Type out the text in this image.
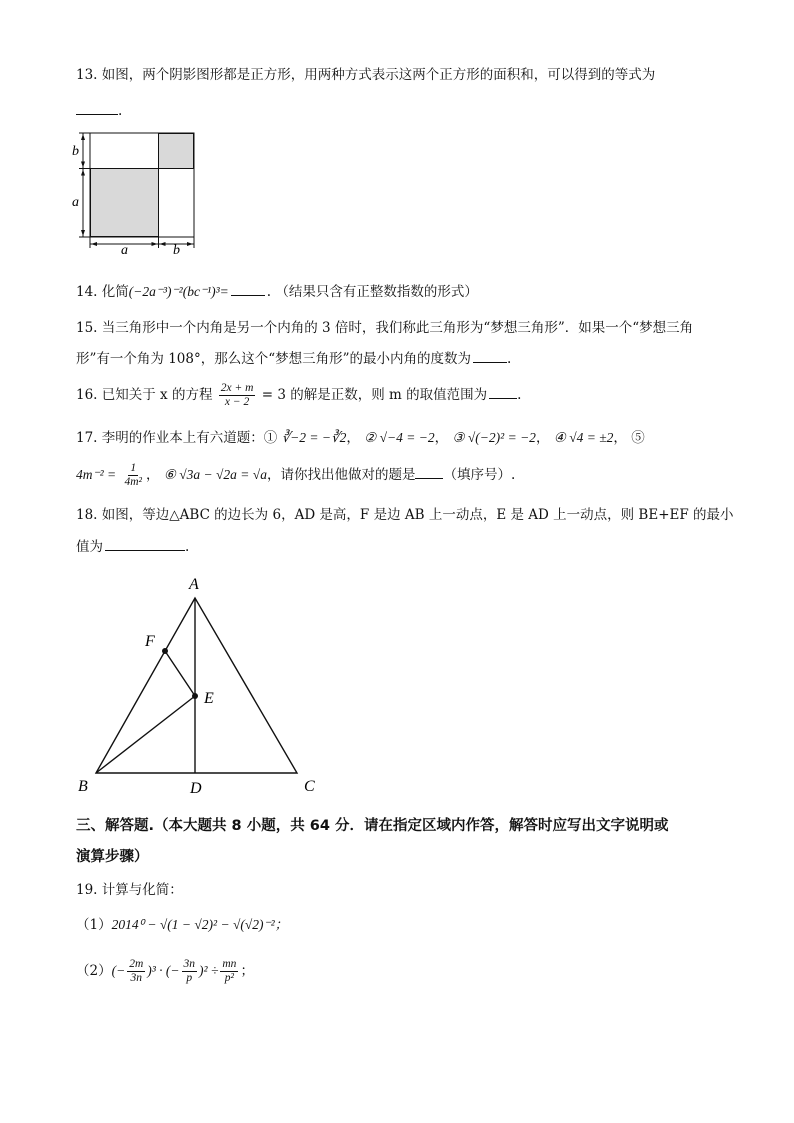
13. 如图，两个阴影图形都是正方形，用两种方式表示这两个正方形的面积和，可以得到的等式为
.
b
a
a	b
14. 化简(−2a⁻³)⁻²(bc⁻¹)³=	. （结果只含有正整数指数的形式）
15. 当三角形中一个内角是另一个内角的 3 倍时，我们称此三角形为“梦想三角形”．如果一个“梦想三角
形”有一个角为 108°，那么这个“梦想三角形”的最小内角的度数为	.
16. 已知关于 x 的方程 $\frac{2x + m}{x - 2} = 3$ 的解是正数，则 m 的取值范围为 .
17. 李明的作业本上有六道题：① ∛−2 = −∛2， ② √−4 = −2， ③ √(−2)² = −2， ④ √4 = ±2， ⑤
$4m^{-2} = \frac{1}{\text{4m²}}$ ， ⑥ √3a − √2a = √a，请你找出他做对的题是 （填序号）.
18. 如图，等边△ABC 的边长为 6，AD 是高，F 是边 AB 上一动点，E 是 AD 上一动点，则 BE+EF 的最小
值为	.
A
B	C
D
E
F
三、解答题.（本大题共 8 小题，共 64 分．请在指定区域内作答，解答时应写出文字说明或
演算步骤）
19. 计算与化简：
（1）2014⁰ − √(1 − √2)² − √(√2)⁻²；
$(2)(- \frac{2m}{3n} )^3$ · (− $\frac{3n}{p} )^2 \div \frac{mn}{\text{p²}}$ ；
